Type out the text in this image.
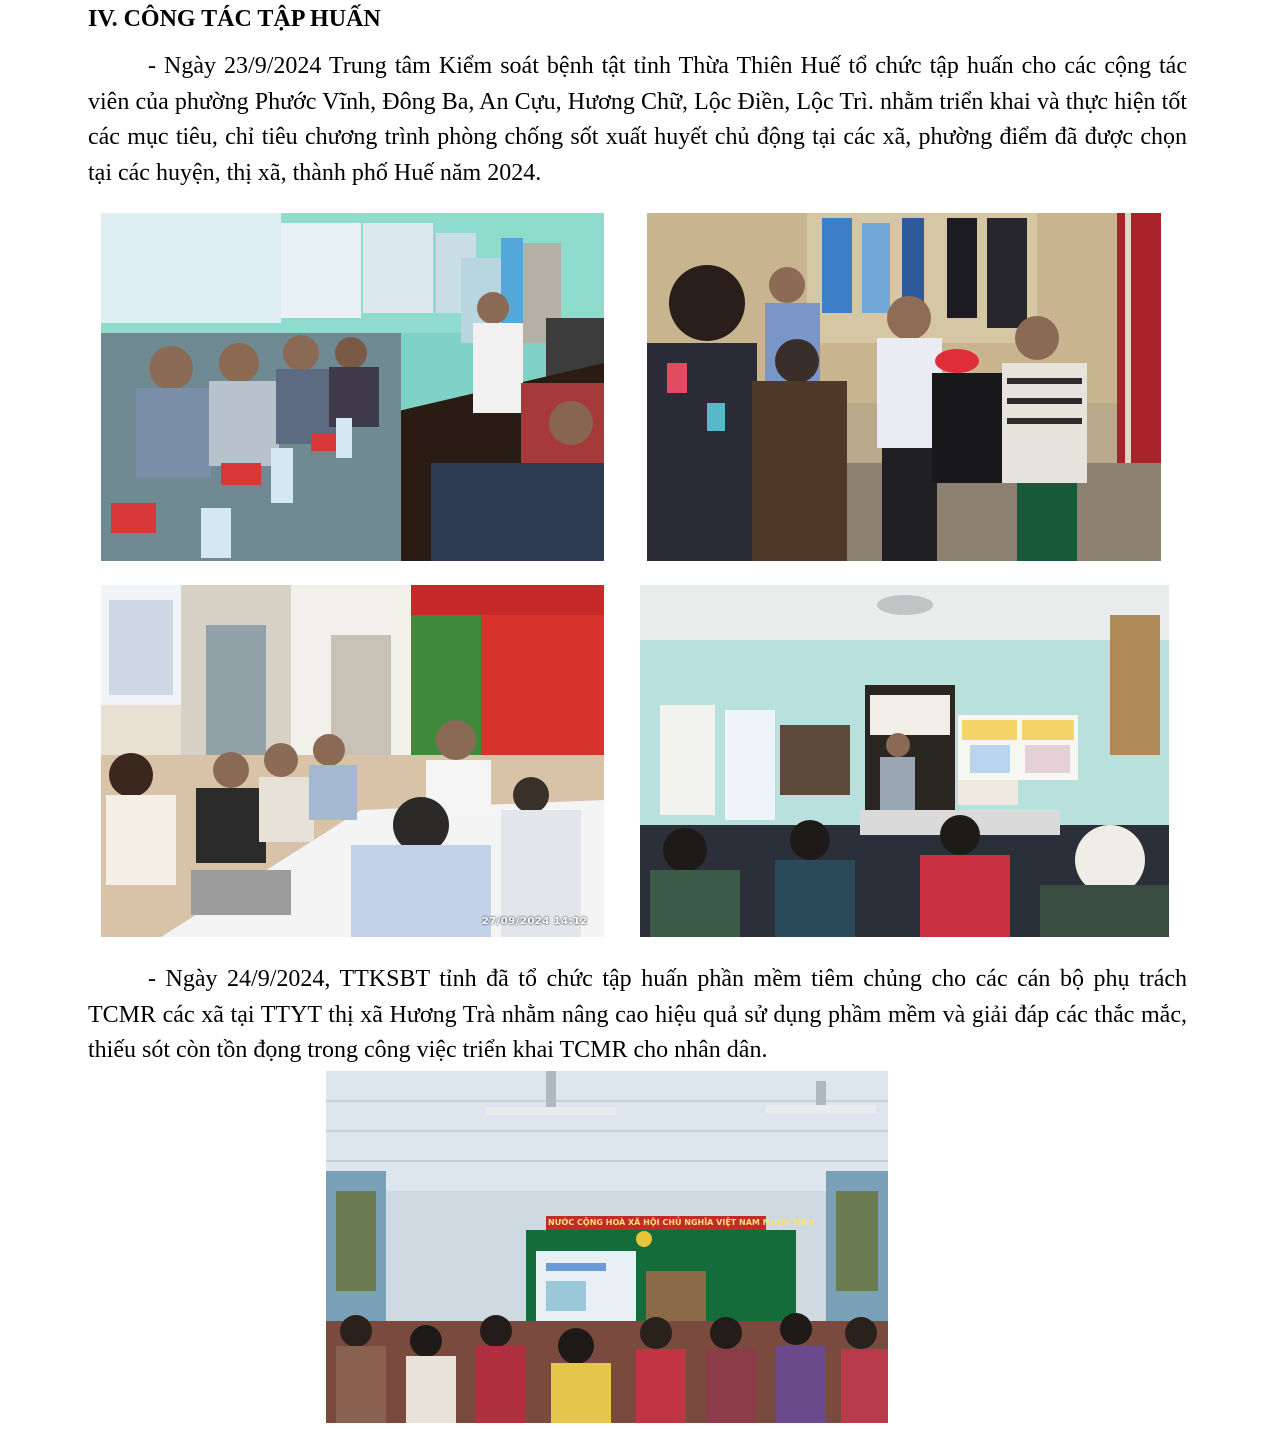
IV. CÔNG TÁC TẬP HUẤN

- Ngày 23/9/2024 Trung tâm Kiểm soát bệnh tật tỉnh Thừa Thiên Huế tổ chức tập huấn cho các cộng tác viên của phường Phước Vĩnh, Đông Ba, An Cựu, Hương Chữ, Lộc Điền, Lộc Trì. nhằm triển khai và thực hiện tốt các mục tiêu, chỉ tiêu chương trình phòng chống sốt xuất huyết chủ động tại các xã, phường điểm đã được chọn tại các huyện, thị xã, thành phố Huế năm 2024.

27/09/2024 14:12

- Ngày 24/9/2024, TTKSBT tỉnh đã tổ chức tập huấn phần mềm tiêm chủng cho các cán bộ phụ trách TCMR các xã tại TTYT thị xã Hương Trà nhằm nâng cao hiệu quả sử dụng phầm mềm và giải đáp các thắc mắc, thiếu sót còn tồn đọng trong công việc triển khai TCMR cho nhân dân.

NƯỚC CỘNG HOÀ XÃ HỘI CHỦ NGHĨA VIỆT NAM MUÔN NĂM
